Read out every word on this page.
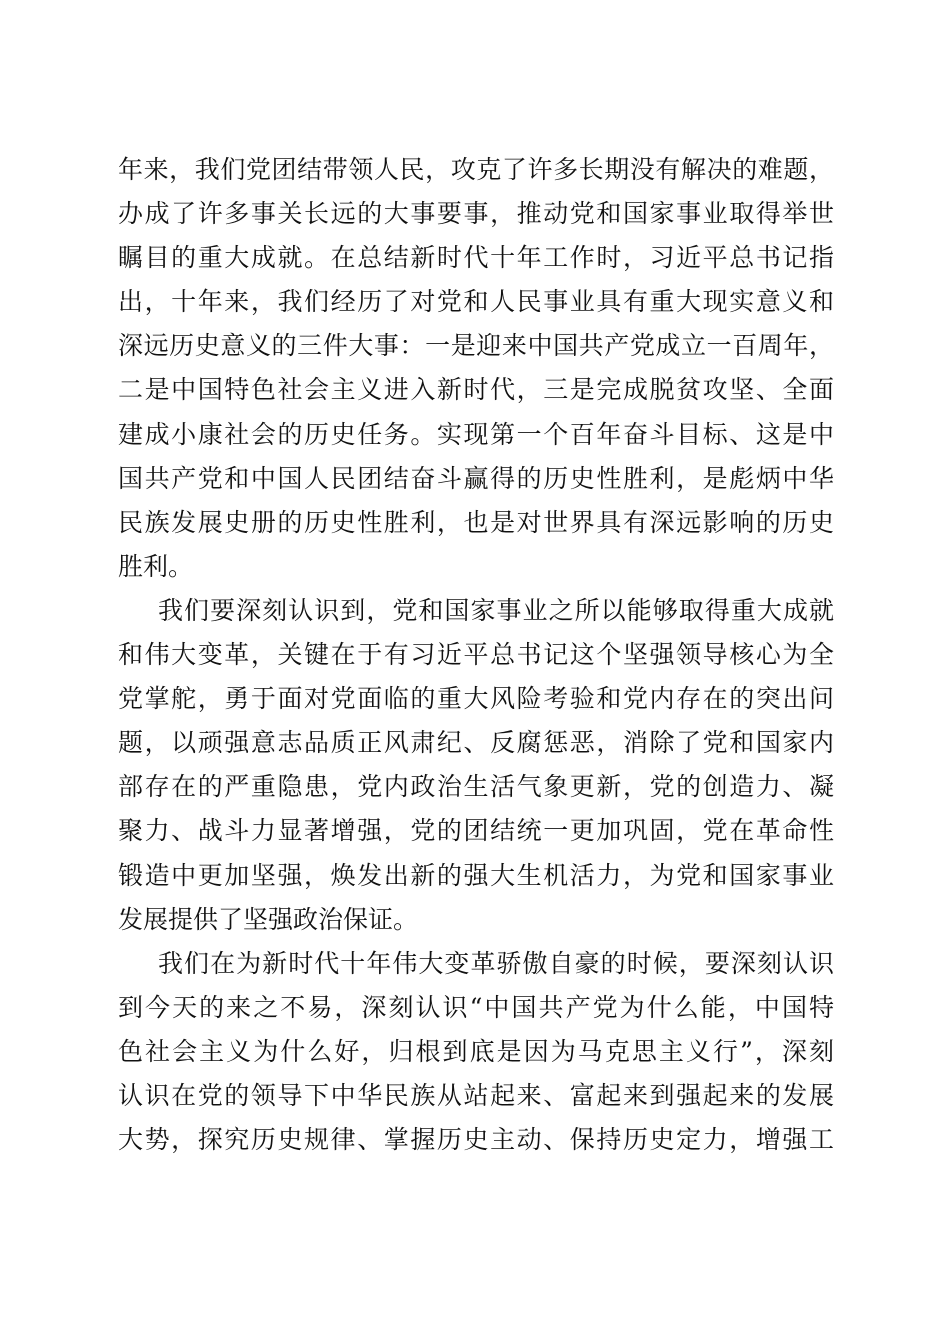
年来，我们党团结带领人民，攻克了许多长期没有解决的难题，
办成了许多事关长远的大事要事，推动党和国家事业取得举世
瞩目的重大成就。在总结新时代十年工作时，习近平总书记指
出，十年来，我们经历了对党和人民事业具有重大现实意义和
深远历史意义的三件大事：一是迎来中国共产党成立一百周年，
二是中国特色社会主义进入新时代，三是完成脱贫攻坚、全面
建成小康社会的历史任务。实现第一个百年奋斗目标、这是中
国共产党和中国人民团结奋斗赢得的历史性胜利，是彪炳中华
民族发展史册的历史性胜利，也是对世界具有深远影响的历史
胜利。
我们要深刻认识到，党和国家事业之所以能够取得重大成就
和伟大变革，关键在于有习近平总书记这个坚强领导核心为全
党掌舵，勇于面对党面临的重大风险考验和党内存在的突出问
题，以顽强意志品质正风肃纪、反腐惩恶，消除了党和国家内
部存在的严重隐患，党内政治生活气象更新，党的创造力、凝
聚力、战斗力显著增强，党的团结统一更加巩固，党在革命性
锻造中更加坚强，焕发出新的强大生机活力，为党和国家事业
发展提供了坚强政治保证。
我们在为新时代十年伟大变革骄傲自豪的时候，要深刻认识
到今天的来之不易，深刻认识“中国共产党为什么能，中国特
色社会主义为什么好，归根到底是因为马克思主义行”，深刻
认识在党的领导下中华民族从站起来、富起来到强起来的发展
大势，探究历史规律、掌握历史主动、保持历史定力，增强工
